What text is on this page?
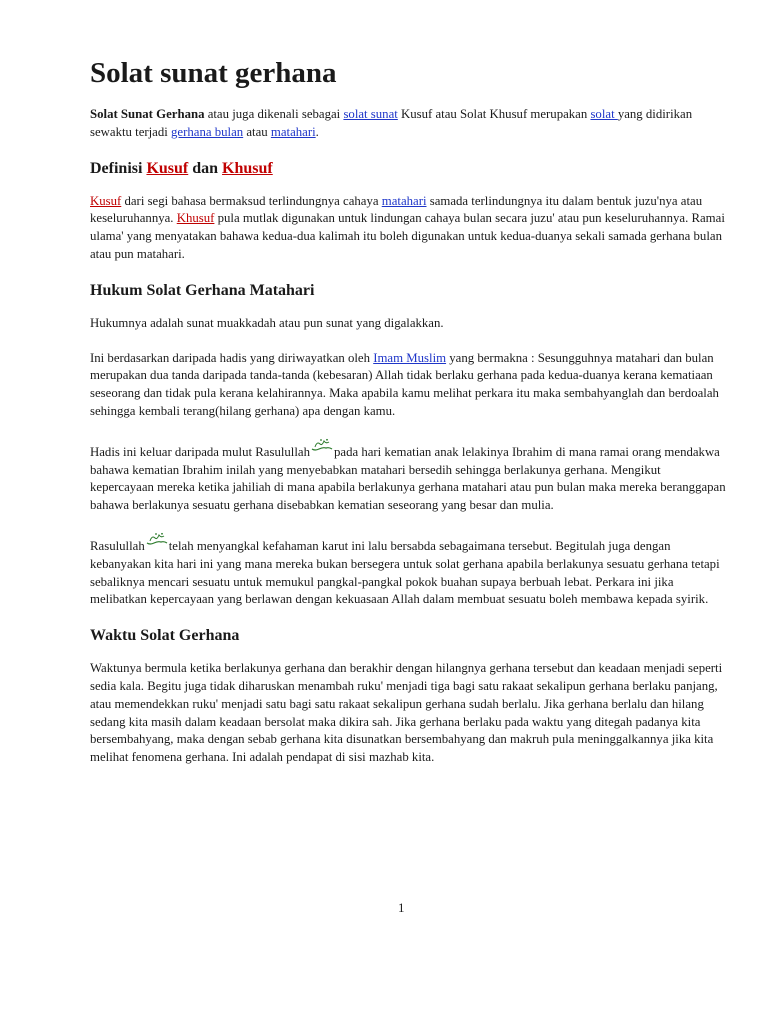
Solat sunat gerhana

Solat Sunat Gerhana atau juga dikenali sebagai solat sunat Kusuf atau Solat Khusuf merupakan solat yang didirikan sewaktu terjadi gerhana bulan atau matahari.

Definisi Kusuf dan Khusuf

Kusuf dari segi bahasa bermaksud terlindungnya cahaya matahari samada terlindungnya itu dalam bentuk juzu'nya atau keseluruhannya. Khusuf pula mutlak digunakan untuk lindungan cahaya bulan secara juzu' atau pun keseluruhannya. Ramai ulama' yang menyatakan bahawa kedua-dua kalimah itu boleh digunakan untuk kedua-duanya sekali samada gerhana bulan atau pun matahari.

Hukum Solat Gerhana Matahari

Hukumnya adalah sunat muakkadah atau pun sunat yang digalakkan.

Ini berdasarkan daripada hadis yang diriwayatkan oleh Imam Muslim yang bermakna : Sesungguhnya matahari dan bulan merupakan dua tanda daripada tanda-tanda (kebesaran) Allah tidak berlaku gerhana pada kedua-duanya kerana kematiaan seseorang dan tidak pula kerana kelahirannya. Maka apabila kamu melihat perkara itu maka sembahyanglah dan berdoalah sehingga kembali terang(hilang gerhana) apa dengan kamu.

Hadis ini keluar daripada mulut Rasulullah pada hari kematian anak lelakinya Ibrahim di mana ramai orang mendakwa bahawa kematian Ibrahim inilah yang menyebabkan matahari bersedih sehingga berlakunya gerhana. Mengikut kepercayaan mereka ketika jahiliah di mana apabila berlakunya gerhana matahari atau pun bulan maka mereka beranggapan bahawa berlakunya sesuatu gerhana disebabkan kematian seseorang yang besar dan mulia.

Rasulullah telah menyangkal kefahaman karut ini lalu bersabda sebagaimana tersebut. Begitulah juga dengan kebanyakan kita hari ini yang mana mereka bukan bersegera untuk solat gerhana apabila berlakunya sesuatu gerhana tetapi sebaliknya mencari sesuatu untuk memukul pangkal-pangkal pokok buahan supaya berbuah lebat. Perkara ini jika melibatkan kepercayaan yang berlawan dengan kekuasaan Allah dalam membuat sesuatu boleh membawa kepada syirik.

Waktu Solat Gerhana

Waktunya bermula ketika berlakunya gerhana dan berakhir dengan hilangnya gerhana tersebut dan keadaan menjadi seperti sedia kala. Begitu juga tidak diharuskan menambah ruku' menjadi tiga bagi satu rakaat sekalipun gerhana berlaku panjang, atau memendekkan ruku' menjadi satu bagi satu rakaat sekalipun gerhana sudah berlalu. Jika gerhana berlalu dan hilang sedang kita masih dalam keadaan bersolat maka dikira sah. Jika gerhana berlaku pada waktu yang ditegah padanya kita bersembahyang, maka dengan sebab gerhana kita disunatkan bersembahyang dan makruh pula meninggalkannya jika kita melihat fenomena gerhana. Ini adalah pendapat di sisi mazhab kita.

1
